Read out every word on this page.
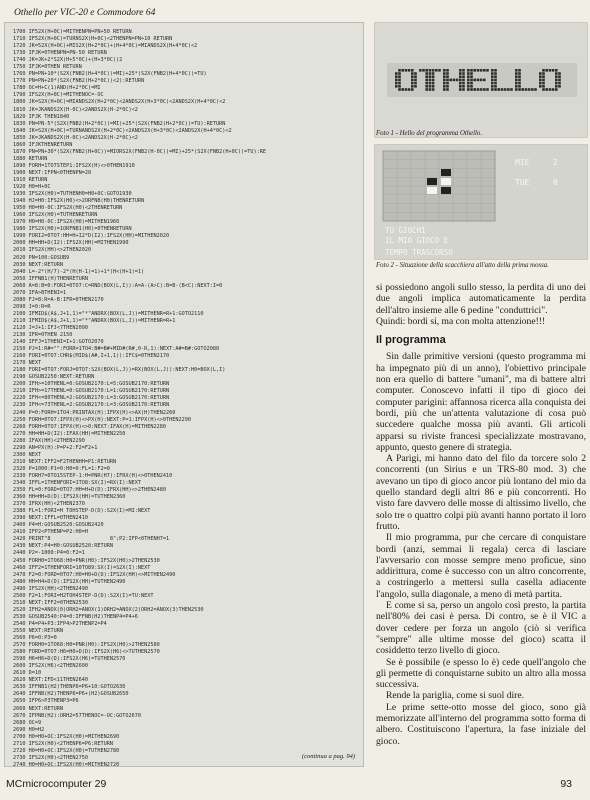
Othello per VIC-20 e Commodore 64
1700 IF52X(H+0C)=MITHENPN=PN+50 RETURN
1710 IF52X(H+0C)=TURNS2X(H+0C)<2THENPN=PN+10 RETURN
1720 JK=52X(H+0C)+MIS2X(H+2*0C)+(H+4*0C)=MIANDS2X(H+4*0C)<2
1730 IFJK=0THENPN=PN-50 RETURN
1740 JK=JK+2*S2X(H+5*0C)+(H+3*0C)(2
1750 IFJK=0THEN RETURN
1760 PN=PN+10*(S2X(FNB2(H+4*0C))=MI)+25*(S2X(FNB2(H+4*0C))=TU)
1770 PN=PN+20*(S2X(FNB2(H+2*0C))<2):RETURN
1780 OC=H+C(1)AND(H+2*0C)=MI
1790 IFS2X(H+0C)=MITHENOC=-OC
1800 JK=S2X(H+0C)=MIANDS2X(H+2*0C)<2ANDS2X(H+3*0C)<2ANDS2X(H+4*0C)<2
1810 JK=JKANDS2X(H-0C)<2ANDS2X(H-2*0C)<2
1820 IFJK THEN1840
1830 PN=PN-5*(S2X(FNB2(H+2*0C))=MI)+25*(S2X(FNB2(H+2*0C))=TU):RETURN
1840 JK=S2X(H+0C)=TURNANDS2X(H+2*0C)<2ANDS2X(H+3*0C)<2ANDS2X(H+4*0C)<2
1850 JK=JKANDS2X(H-0C)<2ANDS2X(H-2*0C)<2
1860 IFJKTHENRETURN
1870 PN=PN+30*(S2X(FNB2(H+0C))=MIORS2X(FNB2(H-0C))=MI)+25*(S2X(FNB2(H+0C))=TU):RE
1880 RETURN
1890 FORH=1TO7STEP1:IFS2X(H)<>0THEN1910
1900 NEXT:IFPN<0THENPN=20
1910 RETURN
1920 H0=H+0C
1930 IFS2X(H0)=TUTHENH0=H0+0C:GOTO1930
1940 HJ=H0:IFS2X(H0)<>2ORFNB(H0)THENRETURN
1950 H0=H0-0C:IFS2X(H0)<2THENRETURN
1960 IFS2X(H0)=TUTHENRETURN
1970 H0=H0-0C:IFS2X(H0)=MITHEN1960
1980 IFS2X(H0)=1ORFNB1(H0)=0THENRETURN
1990 FORI2=0TO7:HH=H+I2*D(I2):IFS2X(HH)=MITHEN2020
2000 HH=HH+D(I2):IFS2X(HH)=MITHEN1990
2010 IFS2X(HH)<>2THEN2020
2020 PN=100:GOSUB9
2030 NEXT:RETURN
2040 L=-2*(H/7)-2*(H(H-1)=1)+1*(H<(H+1)=1)
2050 IFFNB1(H)THENRETURN
2060 A=8:B=0:FORI=0TO7:C=RND(BOX(L,I)):A=A-(A>C):B=B-(B<C):NEXT:I=0
2070 IFA>BTHENI=1
2080 FJ=8:R=A-B:IFR=0THEN2170
2090 J=0:R=R
2100 IFMID$(A$,J+1,1)="*"ANDRX(BOX(L,J))=MITHENR=R+1:GOTO2110
2110 IFMID$(A$,J+1,1)="*"ANDRX(BOX(L,J))=MITHENR=R+1
2120 J=J+1:IFJ<7THEN2090
2130 IFR=0THEN 2150
2140 IFFJ=1THENI=I+1:GOTO2070
2150 PJ=1:R#="":FORR=1TO4:B#=B#+MID#(R#,0-R,1):NEXT:A#=B#:GOTO2080
2160 FORI=0TO7:CHR$(MID$(A#,I+1,1)):IFC$=0THEN2170
2170 NEXT
2180 FORI=0TO7:FORJ=0TO7:S2X(BOX(L,J))=RX(BOX(L,J)):NEXT:H0=BOX(L,I)
2190 GOSUB2250:NEXT:RETURN
2200 IFH>=10THENL=0:GOSUB2170:L=5:GOSUB2170:RETURN
2210 IFH>=17THENL=0:GOSUB2170:L=1:GOSUB2170:RETURN
2220 IFH<=80THENL=2:GOSUB2170:L=3:GOSUB2170:RETURN
2230 IFH<=73THENL=2:GOSUB2170:L=3:GOSUB2170:RETURN
2240 P=0:FORH=1TO4:PRINTAX(H):IFPX(H)<>AX(H)THEN2260
2250 FORH=0TO7:IFPX(H)<>PX(H):NEXT:P=1:IFPX(H)<>0THEN2290
2260 FORH=0TO7:IFPX(H)<>0:NEXT:IFAX(H)=MITHEN2280
2270 HH=HH+D(I2):IFAX(HH)=MITHEN2250
2280 IFAX(HH)<2THEN2290
2290 AN=PX(H):P=P+2:F2=F2+1
2300 NEXT
2310 NEXT:IFF2=F2THENHH=P1:RETURN
2320 P=1000:P1=0:H0=0:FL=1:F2=0
2330 FORH7=0TO15STEP-1:H=PNR(H7):IFRX(H)<>0THEN2410
2340 IFFL=1THENFORI=1TO8:SX(I)=RX(I):NEXT
2350 FL=0:FORD=0TO7:HH=H+D(D):IFRX(HH)<>2THEN2480
2360 HH=HH+D(D):IFS2X(HH)=TUTHEN2360
2370 IFRX(HH)<2THEN2370
2380 FL=1:FORI=H TOHSTEP-D(D):S2X(I)=MI:NEXT
2390 NEXT:IFFL=0THEN2410
2400 P4=H:GOSUB2520:GOSUB2420
2410 IFP2<PTHENP=P2:H0=H
2420 PRINT"8                   8";P2:IFP<0THENH7=1
2430 NEXT:P4=H0:GOSUB2520:RETURN
2440 P2=-1000:P4=0:F2=1
2450 FORH0=1TO68:H0=PNR(H0):IFS2X(H0)>2THEN2530
2460 IFF2=1THENFORI=10TO89:SX(I)=S2X(I):NEXT
2470 F2=0:FORD=0TO7:H0=H0+D(D):IFS2X(HH)<>MITHEN2490
2480 HH=H4+D(D):IFS2X(HH)=TUTHEN2490
2490 IFS2X(HH)<2THEN2490
2500 F2=1:FORI=H2TOH4STEP-D(D):S2X(I)=TU:NEXT
2510 NEXT:IFF2=0THEN2530
2520 IFH2=ANOX(0)ORH2=ANOX(1)ORH2=ANOX(2)ORH2=ANOX(3)THEN2530
2530 GOSUB2540:P4=0:IFFNB(H2)THENP4=P4+6
2540 P4=P4+P3:IFP4>P2THENP2=P4
2550 NEXT:RETURN
2560 P6=0:P3=0
2570 FORH0=1TO68:H0=PNR(H0):IFS2X(H0)>2THEN2580
2580 FORD=0TO7:H6=H0+D(D):IFS2X(H6)<>TUTHEN2570
2590 H6=H6+D(D):IFS2X(H6)=TUTHEN2570
2600 IFS2X(H6)<2THEN2600
2610 D=10
2620 NEXT:IFD<11THEN2640
2630 IFFNB1(H2)THENP6=P6+10:GOTO2630
2640 IFFNB(H2)THENP6=P6+(H2)GOSUB2650
2650 IFP6>P3THENP3=P6
2660 NEXT:RETURN
2670 IFPNB(H2):ORH2=57THENOC=-OC:GOTO2670
2680 OC=9
2690 H0=H2
2700 H0=H0+OC:IFS2X(H0)=MITHEN2690
2710 IFS2X(H0)<2THENP6=P6:RETURN
2720 H0=H0+OC:IFS2X(H0)=TUTHEN2780
2730 IFS2X(H0)<2THEN2750
2740 H0=H0+OC:IFS2X(H0)=MITHEN2720
(continua a pag. 94)
Foto 1 - Hello del programma Othello.
MIE	2
TUE	0
TU GIOCHI
IL MIO GIOCO E
TEMPO TRASCORSO
Foto 2 - Situazione della scacchiera all'atto della prima mossa.

si possiedono angoli sullo stesso, la perdita di uno dei due angoli implica automaticamente la perdita dell'altro insieme alle 6 pedine "conduttrici".

Quindi: bordi si, ma con molta attenzione!!!

Il programma

Sin dalle primitive versioni (questo programma mi ha impegnato più di un anno), l'obiettivo principale non era quello di battere "umani", ma di battere altri computer. Conoscevo infatti il tipo di gioco dei computer parigini: affannosa ricerca alla conquista dei bordi, più che un'attenta valutazione di cosa può succedere qualche mossa più avanti. Gli articoli apparsi su riviste francesi specializzate mostravano, appunto, questo genere di strategia.

A Parigi, mi hanno dato del filo da torcere solo 2 concorrenti (un Sirius e un TRS-80 mod. 3) che avevano un tipo di gioco ancor più lontano del mio da quello standard degli altri 86 e più concorrenti. Ho visto fare davvero delle mosse di altissimo livello, che solo tre o quattro colpi più avanti hanno portato il loro frutto.

Il mio programma, pur che cercare di conquistare bordi (anzi, semmai li regala) cerca di lasciare l'avversario con mosse sempre meno proficue, sino addirittura, come è successo con un altro concorrente, a costringerlo a mettersi sulla casella adiacente l'angolo, sulla diagonale, a meno di metà partita.

E come si sa, perso un angolo così presto, la partita nell'80% dei casi è persa. Di contro, se è il VIC a dover cedere per forza un angolo (ciò si verifica "sempre" alle ultime mosse del gioco) scatta il cosiddetto terzo livello di gioco.

Se è possibile (e spesso lo è) cede quell'angolo che gli permette di conquistarne subito un altro alla mossa successiva.

Rende la pariglia, come si suol dire.

Le prime sette-otto mosse del gioco, sono già memorizzate all'interno del programma sotto forma di albero. Costituiscono l'apertura, la fase iniziale del gioco.

MCmicrocomputer 29	93
